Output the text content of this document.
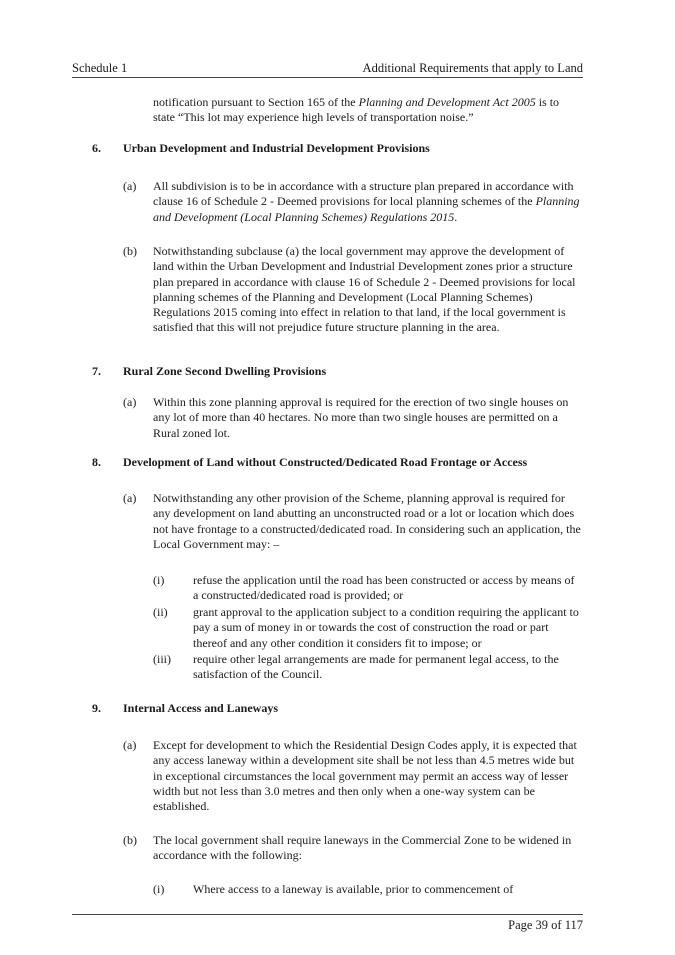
Schedule 1	Additional Requirements that apply to Land
notification pursuant to Section 165 of the Planning and Development Act 2005 is to state “This lot may experience high levels of transportation noise.”
6. Urban Development and Industrial Development Provisions
(a) All subdivision is to be in accordance with a structure plan prepared in accordance with clause 16 of Schedule 2 - Deemed provisions for local planning schemes of the Planning and Development (Local Planning Schemes) Regulations 2015.
(b) Notwithstanding subclause (a) the local government may approve the development of land within the Urban Development and Industrial Development zones prior a structure plan prepared in accordance with clause 16 of Schedule 2 - Deemed provisions for local planning schemes of the Planning and Development (Local Planning Schemes) Regulations 2015 coming into effect in relation to that land, if the local government is satisfied that this will not prejudice future structure planning in the area.
7. Rural Zone Second Dwelling Provisions
(a) Within this zone planning approval is required for the erection of two single houses on any lot of more than 40 hectares. No more than two single houses are permitted on a Rural zoned lot.
8. Development of Land without Constructed/Dedicated Road Frontage or Access
(a) Notwithstanding any other provision of the Scheme, planning approval is required for any development on land abutting an unconstructed road or a lot or location which does not have frontage to a constructed/dedicated road. In considering such an application, the Local Government may: –
(i) refuse the application until the road has been constructed or access by means of a constructed/dedicated road is provided; or
(ii) grant approval to the application subject to a condition requiring the applicant to pay a sum of money in or towards the cost of construction the road or part thereof and any other condition it considers fit to impose; or
(iii) require other legal arrangements are made for permanent legal access, to the satisfaction of the Council.
9. Internal Access and Laneways
(a) Except for development to which the Residential Design Codes apply, it is expected that any access laneway within a development site shall be not less than 4.5 metres wide but in exceptional circumstances the local government may permit an access way of lesser width but not less than 3.0 metres and then only when a one-way system can be established.
(b) The local government shall require laneways in the Commercial Zone to be widened in accordance with the following:
(i) Where access to a laneway is available, prior to commencement of
Page 39 of 117
